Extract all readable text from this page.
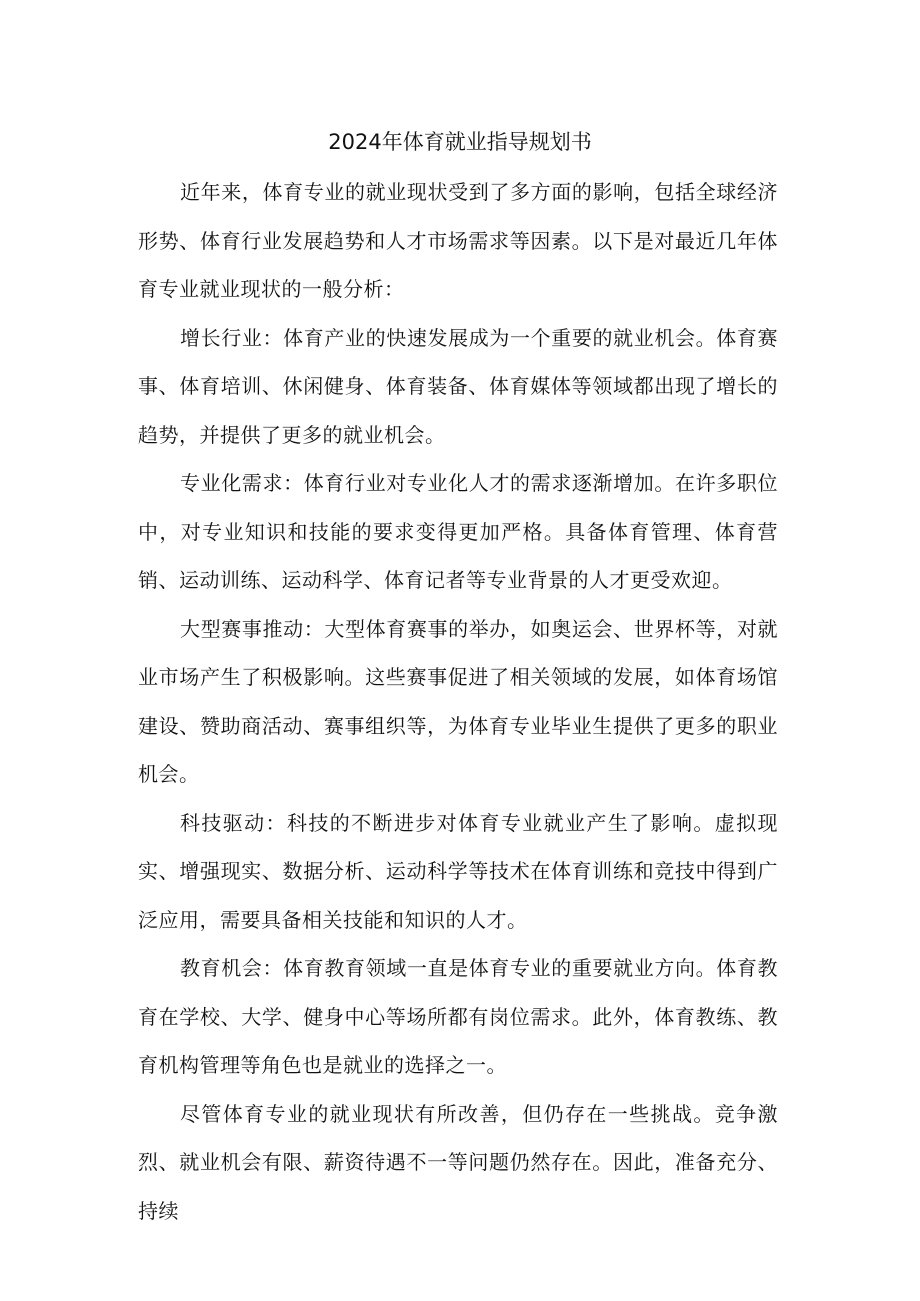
2024年体育就业指导规划书

近年来，体育专业的就业现状受到了多方面的影响，包括全球经济形势、体育行业发展趋势和人才市场需求等因素。以下是对最近几年体育专业就业现状的一般分析：

增长行业：体育产业的快速发展成为一个重要的就业机会。体育赛事、体育培训、休闲健身、体育装备、体育媒体等领域都出现了增长的趋势，并提供了更多的就业机会。

专业化需求：体育行业对专业化人才的需求逐渐增加。在许多职位中，对专业知识和技能的要求变得更加严格。具备体育管理、体育营销、运动训练、运动科学、体育记者等专业背景的人才更受欢迎。

大型赛事推动：大型体育赛事的举办，如奥运会、世界杯等，对就业市场产生了积极影响。这些赛事促进了相关领域的发展，如体育场馆建设、赞助商活动、赛事组织等，为体育专业毕业生提供了更多的职业机会。

科技驱动：科技的不断进步对体育专业就业产生了影响。虚拟现实、增强现实、数据分析、运动科学等技术在体育训练和竞技中得到广泛应用，需要具备相关技能和知识的人才。

教育机会：体育教育领域一直是体育专业的重要就业方向。体育教育在学校、大学、健身中心等场所都有岗位需求。此外，体育教练、教育机构管理等角色也是就业的选择之一。

尽管体育专业的就业现状有所改善，但仍存在一些挑战。竞争激烈、就业机会有限、薪资待遇不一等问题仍然存在。因此，准备充分、持续
